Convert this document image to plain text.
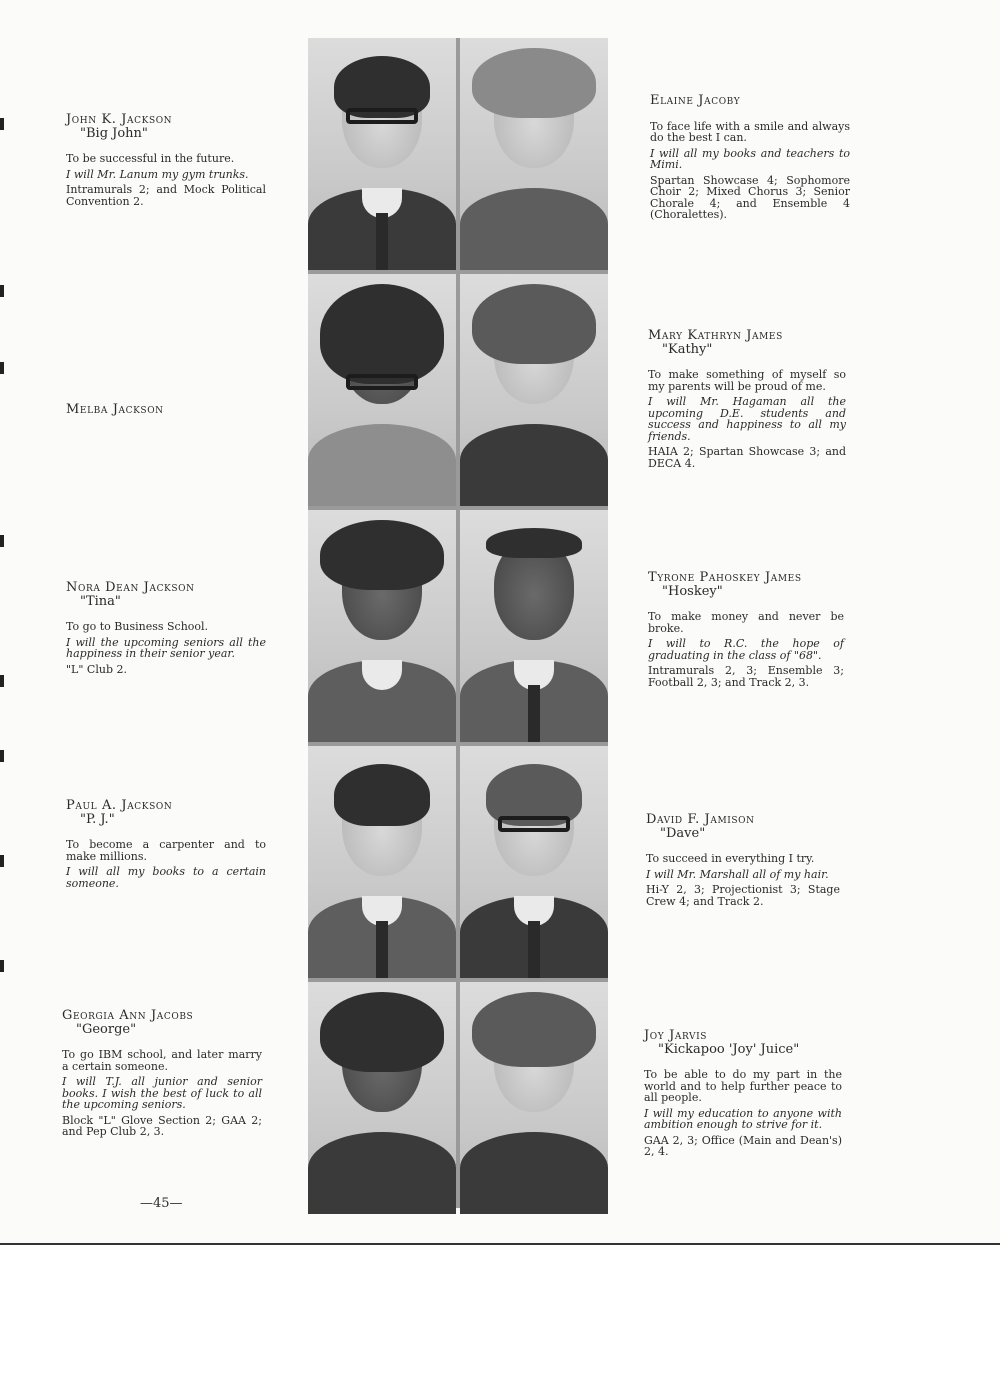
John K. Jackson

"Big John"

To be successful in the future.

I will Mr. Lanum my gym trunks.

Intramurals 2; and Mock Political Convention 2.

Melba Jackson

Nora Dean Jackson

"Tina"

To go to Business School.

I will the upcoming seniors all the happiness in their senior year.

"L" Club 2.

Paul A. Jackson

"P. J."

To become a carpenter and to make millions.

I will all my books to a certain someone.

Georgia Ann Jacobs

"George"

To go IBM school, and later marry a certain someone.

I will T.J. all junior and senior books. I wish the best of luck to all the upcoming seniors.

Block "L" Glove Section 2; GAA 2; and Pep Club 2, 3.

Elaine Jacoby

To face life with a smile and always do the best I can.

I will all my books and teachers to Mimi.

Spartan Showcase 4; Sophomore Choir 2; Mixed Chorus 3; Senior Chorale 4; and Ensemble 4 (Choralettes).

Mary Kathryn James

"Kathy"

To make something of myself so my parents will be proud of me.

I will Mr. Hagaman all the upcoming D.E. students and success and happiness to all my friends.

HAIA 2; Spartan Showcase 3; and DECA 4.

Tyrone Pahoskey James

"Hoskey"

To make money and never be broke.

I will to R.C. the hope of graduating in the class of "68".

Intramurals 2, 3; Ensemble 3; Football 2, 3; and Track 2, 3.

David F. Jamison

"Dave"

To succeed in everything I try.

I will Mr. Marshall all of my hair.

Hi-Y 2, 3; Projectionist 3; Stage Crew 4; and Track 2.

Joy Jarvis

"Kickapoo 'Joy' Juice"

To be able to do my part in the world and to help further peace to all people.

I will my education to anyone with ambition enough to strive for it.

GAA 2, 3; Office (Main and Dean's) 2, 4.

—45—
